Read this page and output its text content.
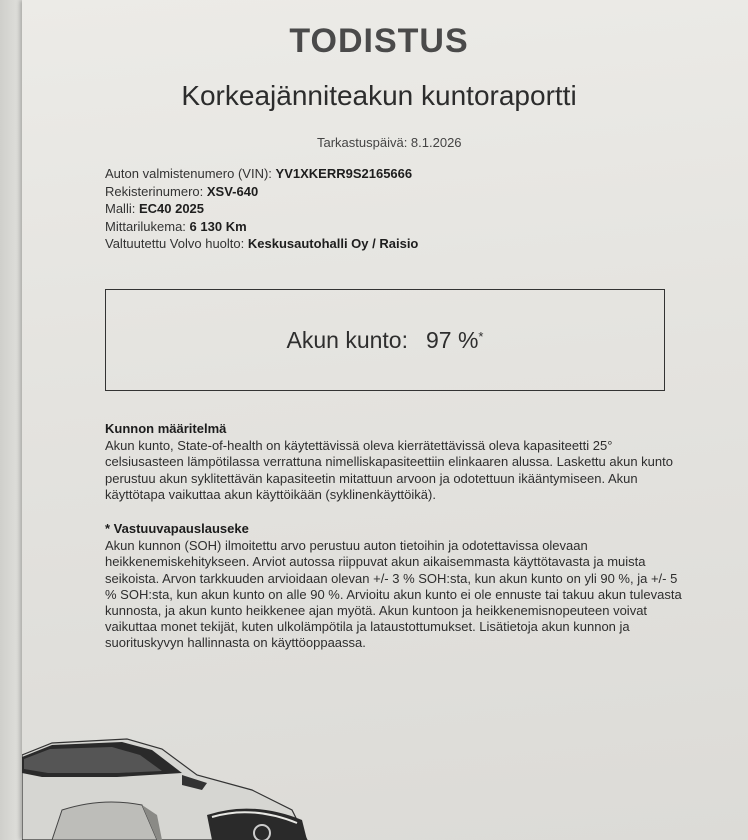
TODISTUS
Korkeajänniteakun kuntoraportti
Tarkastuspäivä: 8.1.2026
Auton valmistenumero (VIN): YV1XKERR9S2165666
Rekisterinumero: XSV-640
Malli: EC40 2025
Mittarilukema: 6 130 Km
Valtuutettu Volvo huolto: Keskusautohalli Oy / Raisio
Akun kunto: 97 %*
Kunnon määritelmä

Akun kunto, State-of-health on käytettävissä oleva kierrätettävissä oleva kapasiteetti 25° celsiusasteen lämpötilassa verrattuna nimelliskapasiteettiin elinkaaren alussa. Laskettu akun kunto perustuu akun syklitettävän kapasiteetin mitattuun arvoon ja odotettuun ikääntymiseen. Akun käyttötapa vaikuttaa akun käyttöikään (syklinenkäyttöikä).

* Vastuuvapauslauseke

Akun kunnon (SOH) ilmoitettu arvo perustuu auton tietoihin ja odotettavissa olevaan heikkenemiskehitykseen. Arviot autossa riippuvat akun aikaisemmasta käyttötavasta ja muista seikoista. Arvon tarkkuuden arvioidaan olevan +/- 3 % SOH:sta, kun akun kunto on yli 90 %, ja +/- 5 % SOH:sta, kun akun kunto on alle 90 %. Arvioitu akun kunto ei ole ennuste tai takuu akun tulevasta kunnosta, ja akun kunto heikkenee ajan myötä. Akun kuntoon ja heikkenemisnopeuteen voivat vaikuttaa monet tekijät, kuten ulkolämpötila ja lataustottumukset. Lisätietoja akun kunnon ja suorituskyvyn hallinnasta on käyttöoppaassa.
